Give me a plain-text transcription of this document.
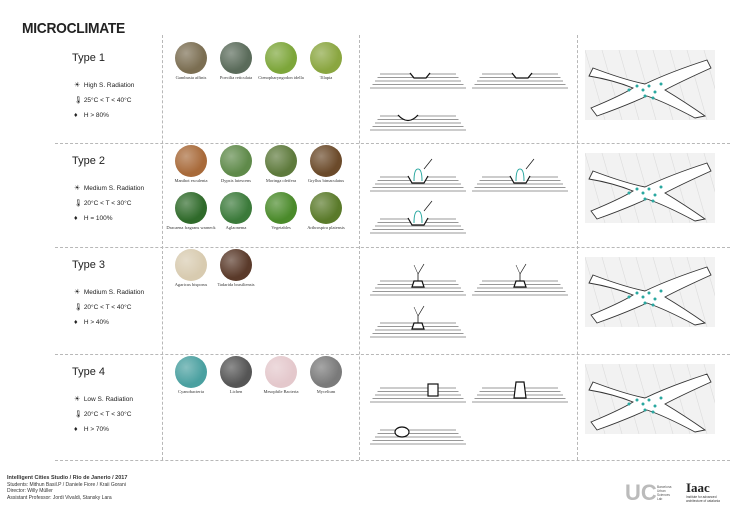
MICROCLIMATE
Type 1
☀ High S. Radiation
🌡 25°C < T < 40°C
♦ H > 80%
Gambusia affinis	Poecilia reticulata	Ctenopharyngodon idella	Tilapia
Type 2
☀ Medium S. Radiation
🌡 20°C < T < 30°C
♦ H = 100%
Manihot esculenta	Dypsis lutescens	Moringa oleifera	Gryllus bimaculatus
Dracaena fragrans warneck	Aglaonema	Vegetables	Arthrospira platensis
Type 3
☀ Medium S. Radiation
🌡 20°C < T < 40°C
♦ H > 40%
Agaricus bisporus	Tadarida brasiliensis
Type 4
☀ Low S. Radiation
🌡 20°C < T < 30°C
♦ H > 70%
Cyanobacteria	Lichen	Mesophile Bacteria	Mycelium
Intelligent Cities Studio / Rio de Janerio / 2017
Students: Mithun Basil.P / Daniele Fiore / Kraii Gorani
Director: Willy Müller
Assistant Professor: Jordi Vivaldi, Stansky Lara	UC Barcelona
Urban
Sciences
Lab
Iaac
Institute for advanced architecture of catalonia
